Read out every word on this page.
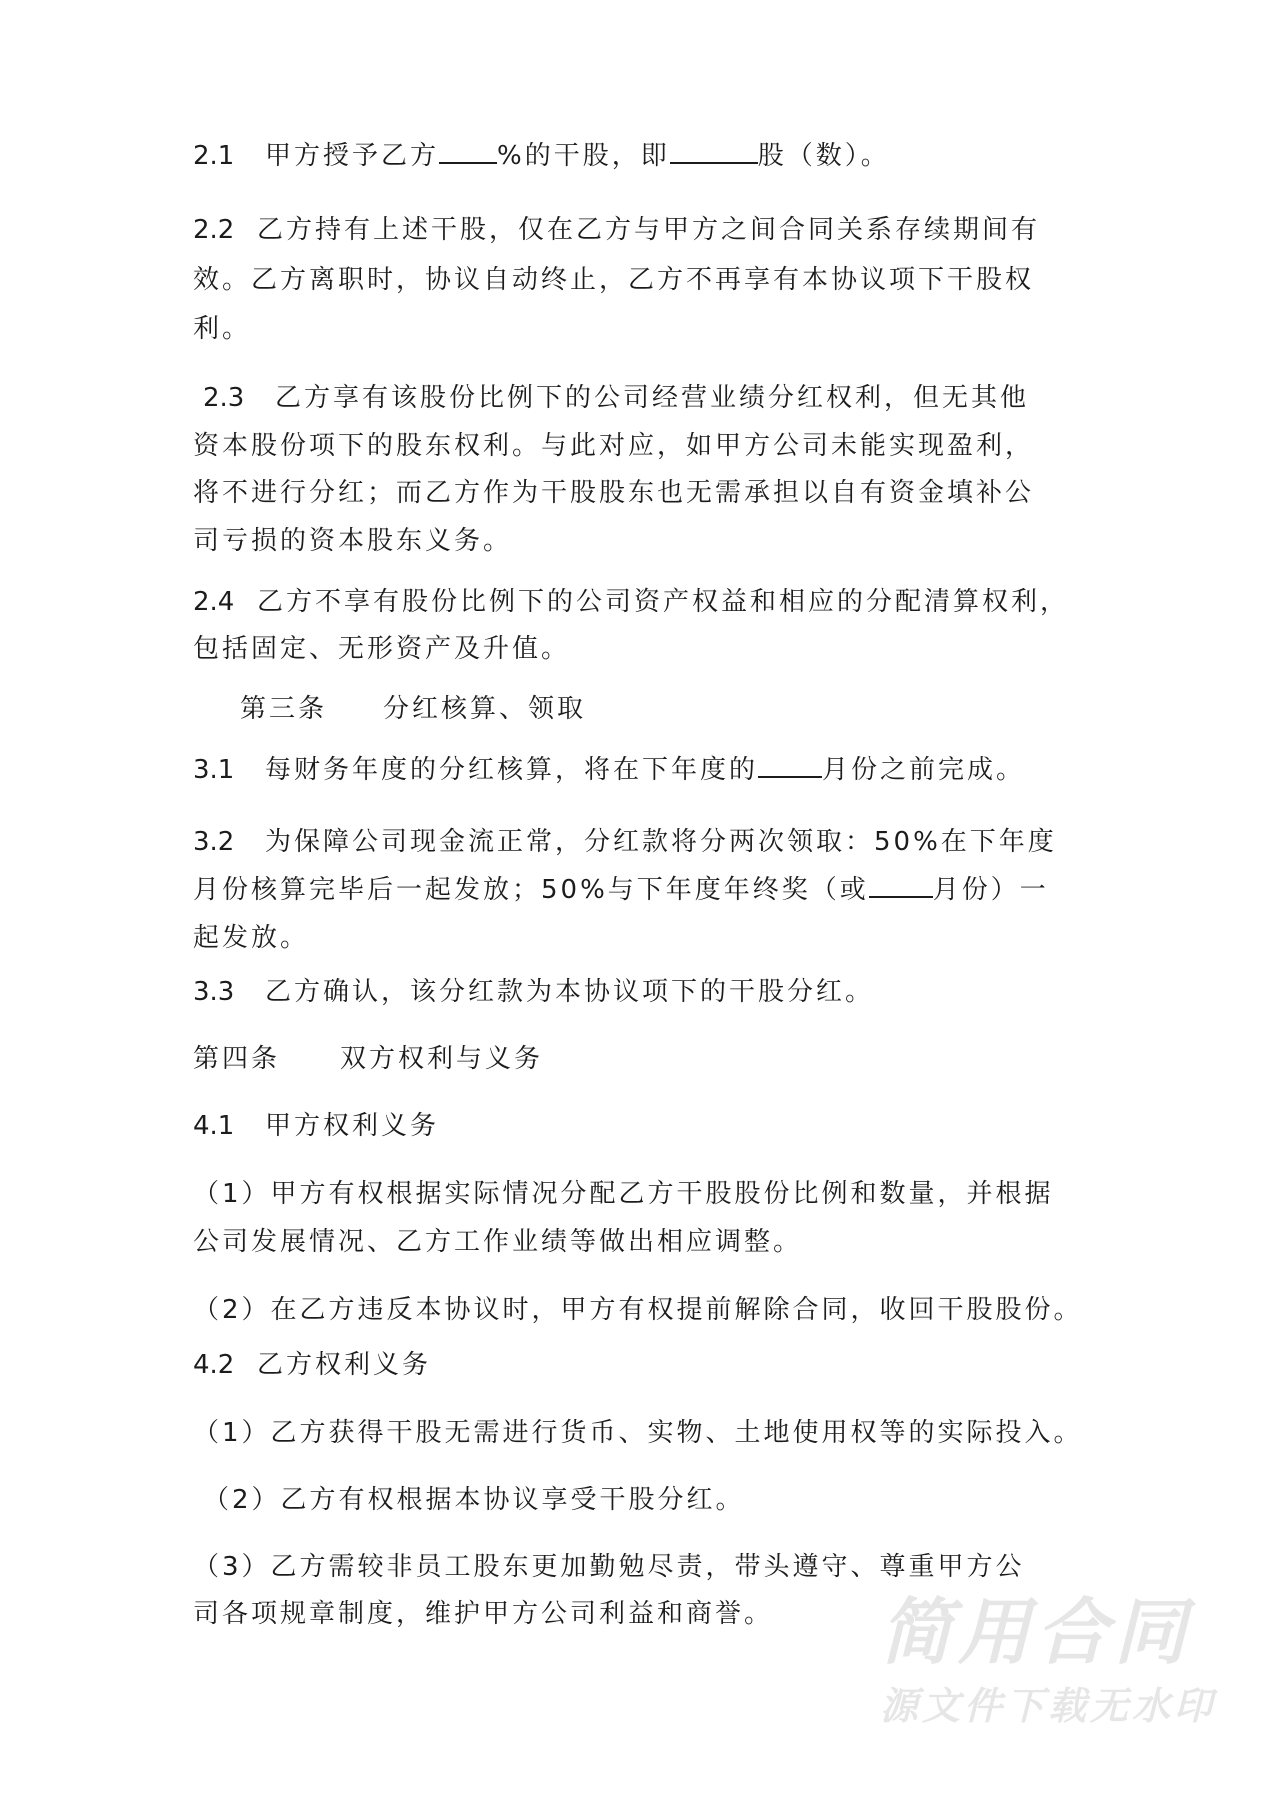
2.1 甲方授予乙方 %的干股，即	股（数）。
2.2 乙方持有上述干股，仅在乙方与甲方之间合同关系存续期间有
效。乙方离职时，协议自动终止，乙方不再享有本协议项下干股权
利。
2.3 乙方享有该股份比例下的公司经营业绩分红权利，但无其他
资本股份项下的股东权利。与此对应，如甲方公司未能实现盈利，
将不进行分红；而乙方作为干股股东也无需承担以自有资金填补公
司亏损的资本股东义务。
2.4 乙方不享有股份比例下的公司资产权益和相应的分配清算权利，
包括固定、无形资产及升值。
第三条 分红核算、领取
3.1 每财务年度的分红核算，将在下年度的 月份之前完成。
3.2 为保障公司现金流正常，分红款将分两次领取：50%在下年度
月份核算完毕后一起发放；50%与下年度年终奖（或 月份）一
起发放。
3.3 乙方确认，该分红款为本协议项下的干股分红。
第四条 双方权利与义务
4.1 甲方权利义务
（1）甲方有权根据实际情况分配乙方干股股份比例和数量，并根据
公司发展情况、乙方工作业绩等做出相应调整。
（2）在乙方违反本协议时，甲方有权提前解除合同，收回干股股份。
4.2 乙方权利义务
（1）乙方获得干股无需进行货币、实物、土地使用权等的实际投入。
（2）乙方有权根据本协议享受干股分红。
（3）乙方需较非员工股东更加勤勉尽责，带头遵守、尊重甲方公
司各项规章制度，维护甲方公司利益和商誉。 简用合同
源文件下载无水印
